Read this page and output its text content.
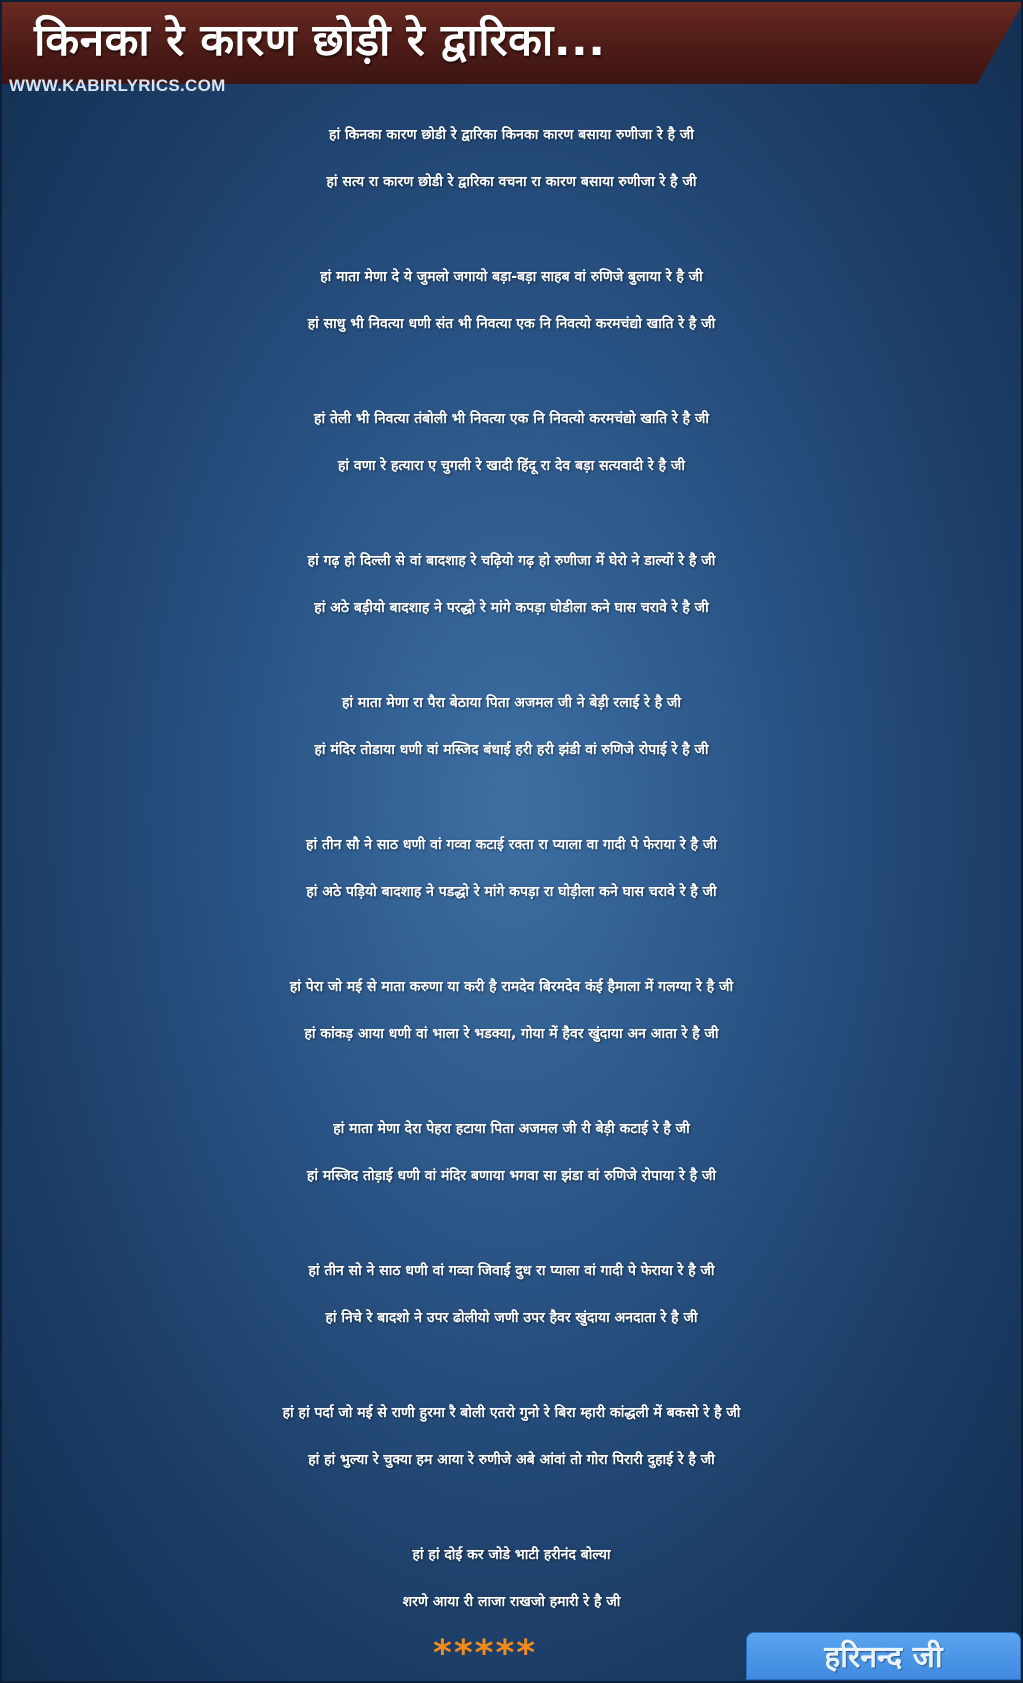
किनका रे कारण छोड़ी रे द्वारिका...
WWW.KABIRLYRICS.COM
हां किनका कारण छोडी रे द्वारिका किनका कारण बसाया रुणीजा रे है जी
हां सत्य रा कारण छोडी रे द्वारिका वचना रा कारण बसाया रुणीजा रे है जी
हां माता मेणा दे ये जुमलो जगायो बड़ा-बड़ा साहब वां रुणिजे बुलाया रे है जी
हां साधु भी निवत्या धणी संत भी निवत्या एक नि निवत्यो करमचंद्यो खाति रे है जी
हां तेली भी निवत्या तंबोली भी निवत्या एक नि निवत्यो करमचंद्यो खाति रे है जी
हां वणा रे हत्यारा ए चुगली रे खादी हिंदू रा देव बड़ा सत्यवादी रे है जी
हां गढ़ हो दिल्ली से वां बादशाह रे चढ़ियो गढ़ हो रुणीजा में घेरो ने डाल्यों रे है जी
हां अठे बड़ीयो बादशाह ने परद्धो रे मांगे कपड़ा घोडीला कने घास चरावे रे है जी
हां माता मेणा रा पैरा बेठाया पिता अजमल जी ने बेड़ी रलाई रे है जी
हां मंदिर तोडाया धणी वां मस्जिद बंधाई हरी हरी झंडी वां रुणिजे रोपाई रे है जी
हां तीन सौ ने साठ धणी वां गव्वा कटाई रक्ता रा प्याला वा गादी पे फेराया रे है जी
हां अठे पड़ियो बादशाह ने पडद्धो रे मांगे कपड़ा रा घोड़ीला कने घास चरावे रे है जी
हां पेरा जो मई से माता करुणा या करी है रामदेव बिरमदेव कंई हैमाला में गलग्या रे है जी
हां कांकड़ आया धणी वां भाला रे भडक्या, गोया में हैवर खुंदाया अन आता रे है जी
हां माता मेणा देरा पेहरा हटाया पिता अजमल जी री बेड़ी कटाई रे है जी
हां मस्जिद तोड़ाई धणी वां मंदिर बणाया भगवा सा झंडा वां रुणिजे रोपाया रे है जी
हां तीन सो ने साठ धणी वां गव्वा जिवाई दुध रा प्याला वां गादी पे फेराया रे है जी
हां निचे रे बादशो ने उपर ढोलीयो जणी उपर हैवर खुंदाया अनदाता रे है जी
हां हां पर्दा जो मई से राणी हुरमा रै बोली एतरो गुनो रे बिरा म्हारी कांद्धली में बकसो रे है जी
हां हां भुल्या रे चुक्या हम आया रे रुणीजे अबे आंवां तो गोरा पिरारी दुहाई रे है जी
हां हां दोई कर जोडे भाटी हरीनंद बोल्या
शरणे आया री लाजा राखजो हमारी रे है जी
*****	हरिनन्द जी
